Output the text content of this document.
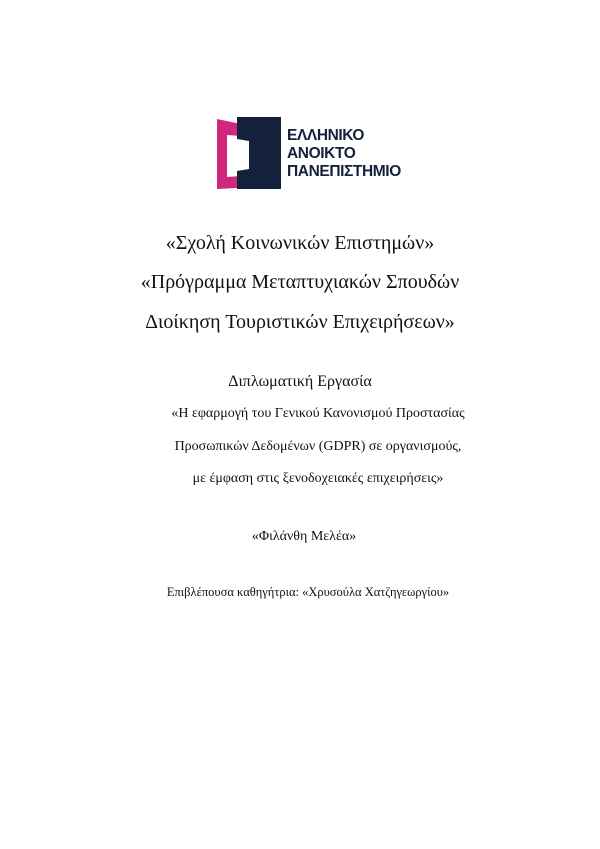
ΕΛΛΗΝΙΚΟ
ΑΝΟΙΚΤΟ
ΠΑΝΕΠΙΣΤΗΜΙΟ
«Σχολή Κοινωνικών Επιστημών»
«Πρόγραμμα Μεταπτυχιακών Σπουδών
Διοίκηση Τουριστικών Επιχειρήσεων»
Διπλωματική Εργασία
«Η εφαρμογή του Γενικού Κανονισμού Προστασίας
Προσωπικών Δεδομένων (GDPR) σε οργανισμούς,
με έμφαση στις ξενοδοχειακές επιχειρήσεις»
«Φιλάνθη Μελέα»
Επιβλέπουσα καθηγήτρια: «Χρυσούλα Χατζηγεωργίου»
